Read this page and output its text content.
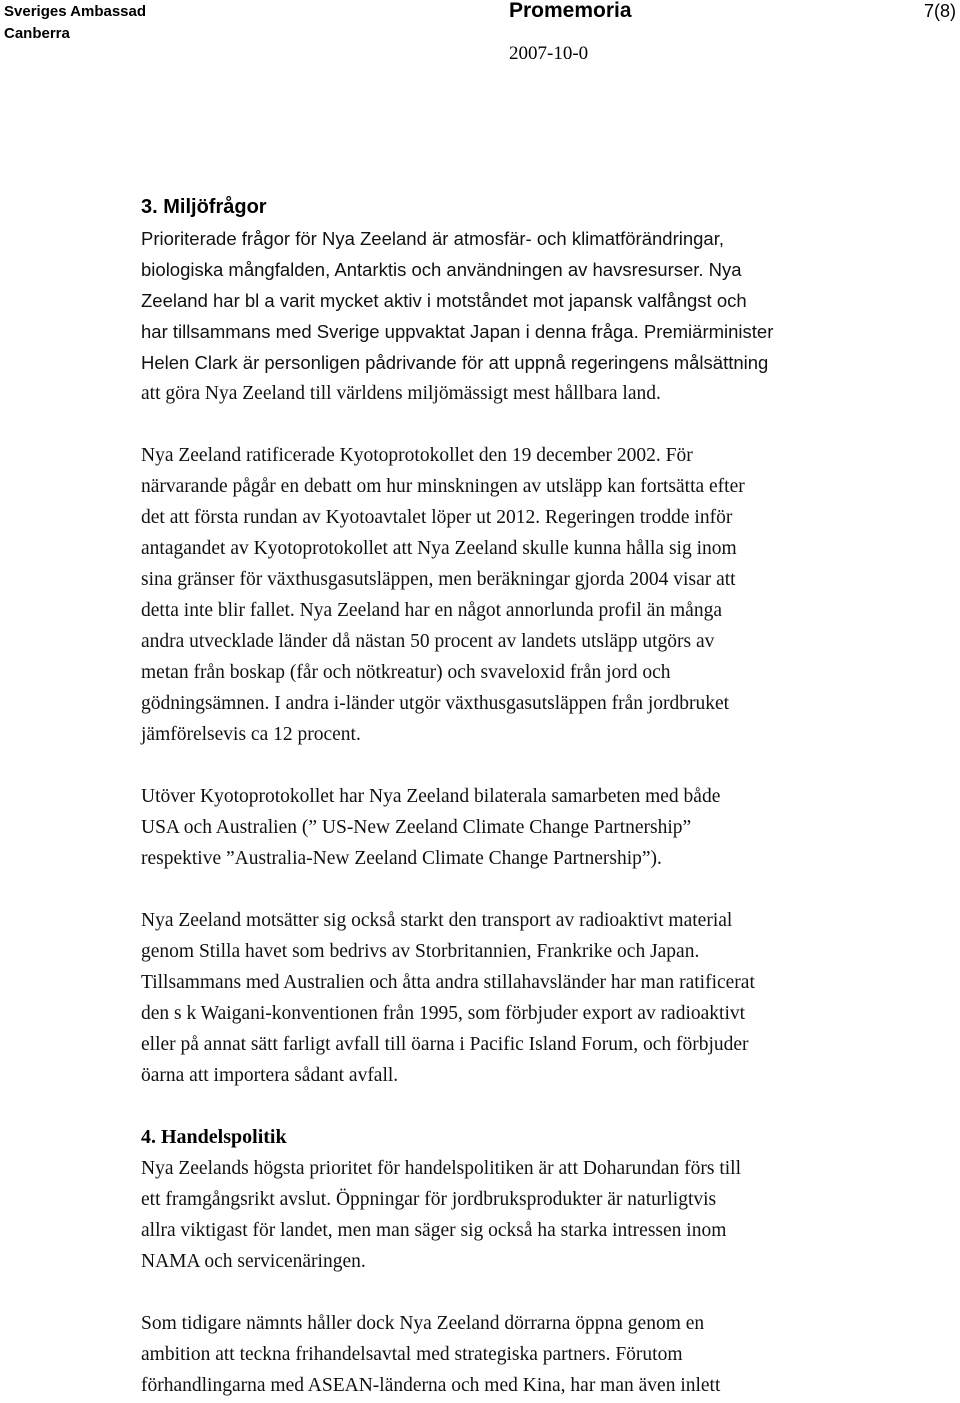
Sveriges Ambassad
Canberra
Promemoria	7(8)
2007-10-0
3. Miljöfrågor

Prioriterade frågor för Nya Zeeland är atmosfär- och klimatförändringar,
biologiska mångfalden, Antarktis och användningen av havsresurser. Nya
Zeeland har bl a varit mycket aktiv i motståndet mot japansk valfångst och
har tillsammans med Sverige uppvaktat Japan i denna fråga. Premiärminister
Helen Clark är personligen pådrivande för att uppnå regeringens målsättning

att göra Nya Zeeland till världens miljömässigt mest hållbara land.

Nya Zeeland ratificerade Kyotoprotokollet den 19 december 2002. För
närvarande pågår en debatt om hur minskningen av utsläpp kan fortsätta efter
det att första rundan av Kyotoavtalet löper ut 2012. Regeringen trodde inför
antagandet av Kyotoprotokollet att Nya Zeeland skulle kunna hålla sig inom
sina gränser för växthusgasutsläppen, men beräkningar gjorda 2004 visar att
detta inte blir fallet. Nya Zeeland har en något annorlunda profil än många
andra utvecklade länder då nästan 50 procent av landets utsläpp utgörs av
metan från boskap (får och nötkreatur) och svaveloxid från jord och
gödningsämnen. I andra i-länder utgör växthusgasutsläppen från jordbruket
jämförelsevis ca 12 procent.

Utöver Kyotoprotokollet har Nya Zeeland bilaterala samarbeten med både
USA och Australien (” US-New Zeeland Climate Change Partnership”
respektive ”Australia-New Zeeland Climate Change Partnership”).

Nya Zeeland motsätter sig också starkt den transport av radioaktivt material
genom Stilla havet som bedrivs av Storbritannien, Frankrike och Japan.
Tillsammans med Australien och åtta andra stillahavsländer har man ratificerat
den s k Waigani-konventionen från 1995, som förbjuder export av radioaktivt
eller på annat sätt farligt avfall till öarna i Pacific Island Forum, och förbjuder
öarna att importera sådant avfall.

4. Handelspolitik

Nya Zeelands högsta prioritet för handelspolitiken är att Doharundan förs till
ett framgångsrikt avslut. Öppningar för jordbruksprodukter är naturligtvis
allra viktigast för landet, men man säger sig också ha starka intressen inom
NAMA och servicenäringen.

Som tidigare nämnts håller dock Nya Zeeland dörrarna öppna genom en
ambition att teckna frihandelsavtal med strategiska partners. Förutom
förhandlingarna med ASEAN-länderna och med Kina, har man även inlett
